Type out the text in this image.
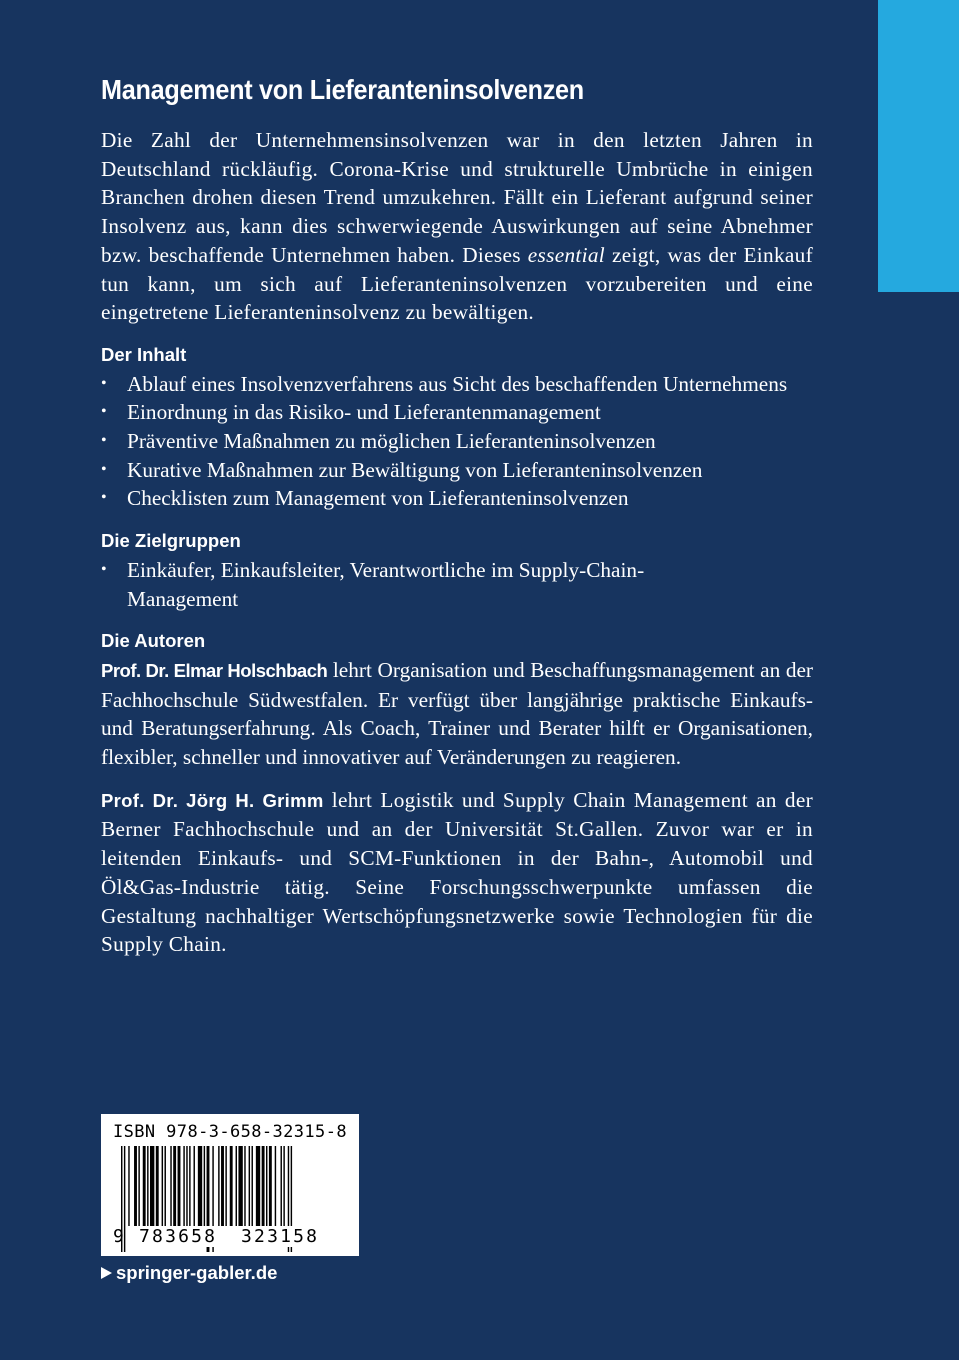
Management von Lieferanteninsolvenzen

Die Zahl der Unternehmensinsolvenzen war in den letzten Jahren in Deutschland rückläufig. Corona-Krise und strukturelle Umbrüche in einigen Branchen drohen diesen Trend umzukehren. Fällt ein Lieferant aufgrund seiner Insolvenz aus, kann dies schwerwiegende Auswirkungen auf seine Abnehmer bzw. beschaffende Unternehmen haben. Dieses essential zeigt, was der Einkauf tun kann, um sich auf Lieferanteninsolvenzen vorzubereiten und eine eingetretene Lieferanteninsolvenz zu bewältigen.

Der Inhalt
• Ablauf eines Insolvenzverfahrens aus Sicht des beschaffenden Unternehmens
• Einordnung in das Risiko- und Lieferantenmanagement
• Präventive Maßnahmen zu möglichen Lieferanteninsolvenzen
• Kurative Maßnahmen zur Bewältigung von Lieferanteninsolvenzen
• Checklisten zum Management von Lieferanteninsolvenzen
Die Zielgruppen
• Einkäufer, Einkaufsleiter, Verantwortliche im Supply-Chain-Management
Die Autoren

Prof. Dr. Elmar Holschbach lehrt Organisation und Beschaffungsmanagement an der Fachhochschule Südwestfalen. Er verfügt über langjährige praktische Einkaufs- und Beratungserfahrung. Als Coach, Trainer und Berater hilft er Organisationen, flexibler, schneller und innovativer auf Veränderungen zu reagieren.

Prof. Dr. Jörg H. Grimm lehrt Logistik und Supply Chain Management an der Berner Fachhochschule und an der Universität St.Gallen. Zuvor war er in leitenden Einkaufs- und SCM-Funktionen in der Bahn-, Automobil und Öl&Gas-Industrie tätig. Seine Forschungsschwerpunkte umfassen die Gestaltung nachhaltiger Wertschöpfungsnetzwerke sowie Technologien für die Supply Chain.

ISBN 978-3-658-32315-8
9 783658 323158
springer-gabler.de
